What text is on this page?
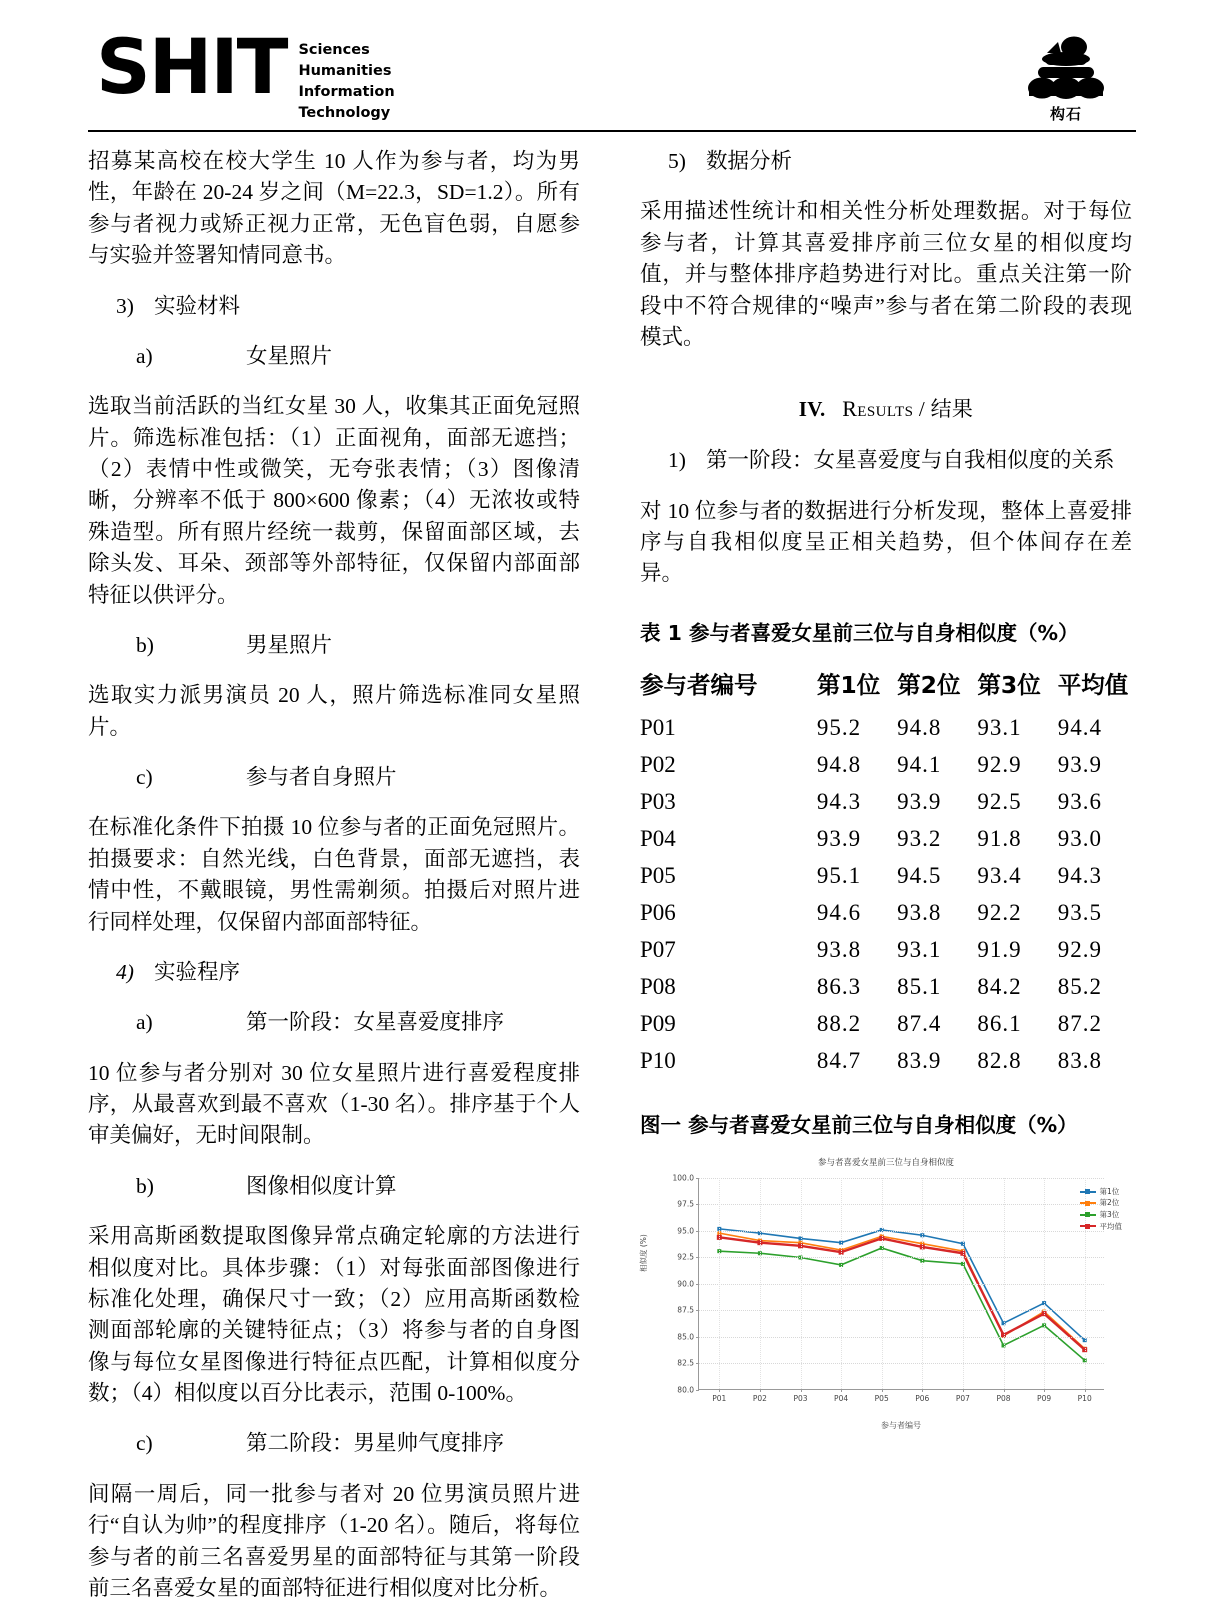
SHIT Sciences
Humanities
Information
Technology	构石

招募某高校在校大学生 10 人作为参与者，均为男性，年龄在 20-24 岁之间（M=22.3，SD=1.2）。所有参与者视力或矫正视力正常，无色盲色弱，自愿参与实验并签署知情同意书。

3) 实验材料
a)	女星照片

选取当前活跃的当红女星 30 人，收集其正面免冠照片。筛选标准包括：（1）正面视角，面部无遮挡；（2）表情中性或微笑，无夸张表情；（3）图像清晰，分辨率不低于 800×600 像素；（4）无浓妆或特殊造型。所有照片经统一裁剪，保留面部区域，去除头发、耳朵、颈部等外部特征，仅保留内部面部特征以供评分。

b)	男星照片

选取实力派男演员 20 人，照片筛选标准同女星照片。

c)	参与者自身照片

在标准化条件下拍摄 10 位参与者的正面免冠照片。拍摄要求：自然光线，白色背景，面部无遮挡，表情中性，不戴眼镜，男性需剃须。拍摄后对照片进行同样处理，仅保留内部面部特征。

4) 实验程序
a)	第一阶段：女星喜爱度排序

10 位参与者分别对 30 位女星照片进行喜爱程度排序，从最喜欢到最不喜欢（1-30 名）。排序基于个人审美偏好，无时间限制。

b)	图像相似度计算

采用高斯函数提取图像异常点确定轮廓的方法进行相似度对比。具体步骤：（1）对每张面部图像进行标准化处理，确保尺寸一致；（2）应用高斯函数检测面部轮廓的关键特征点；（3）将参与者的自身图像与每位女星图像进行特征点匹配，计算相似度分数；（4）相似度以百分比表示，范围 0-100%。

c)	第二阶段：男星帅气度排序

间隔一周后，同一批参与者对 20 位男演员照片进行“自认为帅”的程度排序（1-20 名）。随后，将每位参与者的前三名喜爱男星的面部特征与其第一阶段前三名喜爱女星的面部特征进行相似度对比分析。

5) 数据分析

采用描述性统计和相关性分析处理数据。对于每位参与者，计算其喜爱排序前三位女星的相似度均值，并与整体排序趋势进行对比。重点关注第一阶段中不符合规律的“噪声”参与者在第二阶段的表现模式。

IV. Results / 结果
1) 第一阶段：女星喜爱度与自我相似度的关系

对 10 位参与者的数据进行分析发现，整体上喜爱排序与自我相似度呈正相关趋势，但个体间存在差异。

表 1 参与者喜爱女星前三位与自身相似度（%）
参与者编号	第1位	第2位	第3位	平均值
P01	95.2	94.8	93.1	94.4
P02	94.8	94.1	92.9	93.9
P03	94.3	93.9	92.5	93.6
P04	93.9	93.2	91.8	93.0
P05	95.1	94.5	93.4	94.3
P06	94.6	93.8	92.2	93.5
P07	93.8	93.1	91.9	92.9
P08	86.3	85.1	84.2	85.2
P09	88.2	87.4	86.1	87.2
P10	84.7	83.9	82.8	83.8
图一 参与者喜爱女星前三位与自身相似度（%）
参与者喜爱女星前三位与自身相似度
相似度 (%)
参与者编号
80.0
82.5
85.0
87.5
90.0
92.5
95.0
97.5
100.0
P01	P02	P03	P04	P05	P06	P07	P08	P09	P10
第1位
第2位
第3位
平均值
